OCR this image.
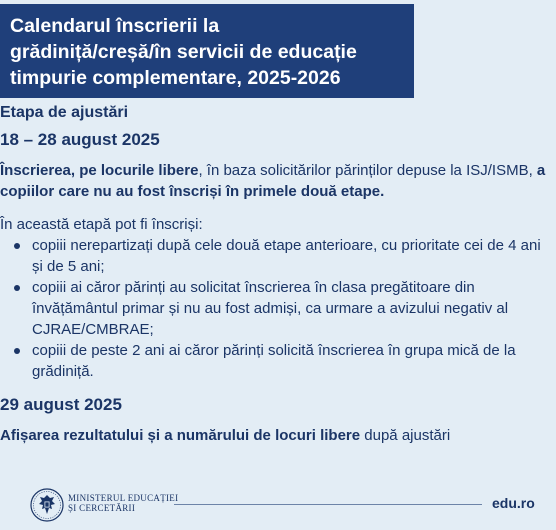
Calendarul înscrierii la
grădiniță/creșă/în servicii de educație
timpurie complementare, 2025-2026

Etapa de ajustări

18 – 28 august 2025

Înscrierea, pe locurile libere, în baza solicitărilor părinților depuse la ISJ/ISMB, a copiilor care nu au fost înscriși în primele două etape.

În această etapă pot fi înscriși:

copiii nerepartizați după cele două etape anterioare, cu prioritate cei de 4 ani și de 5 ani;
copiii ai căror părinți au solicitat înscrierea în clasa pregătitoare din învățământul primar și nu au fost admiși, ca urmare a avizului negativ al CJRAE/CMBRAE;
copiii de peste 2 ani ai căror părinți solicită înscrierea în grupa mică de la grădiniță.

29 august 2025

Afișarea rezultatului și a numărului de locuri libere după ajustări

MINISTERUL EDUCAȚIEI
ȘI CERCETĂRII	edu.ro
